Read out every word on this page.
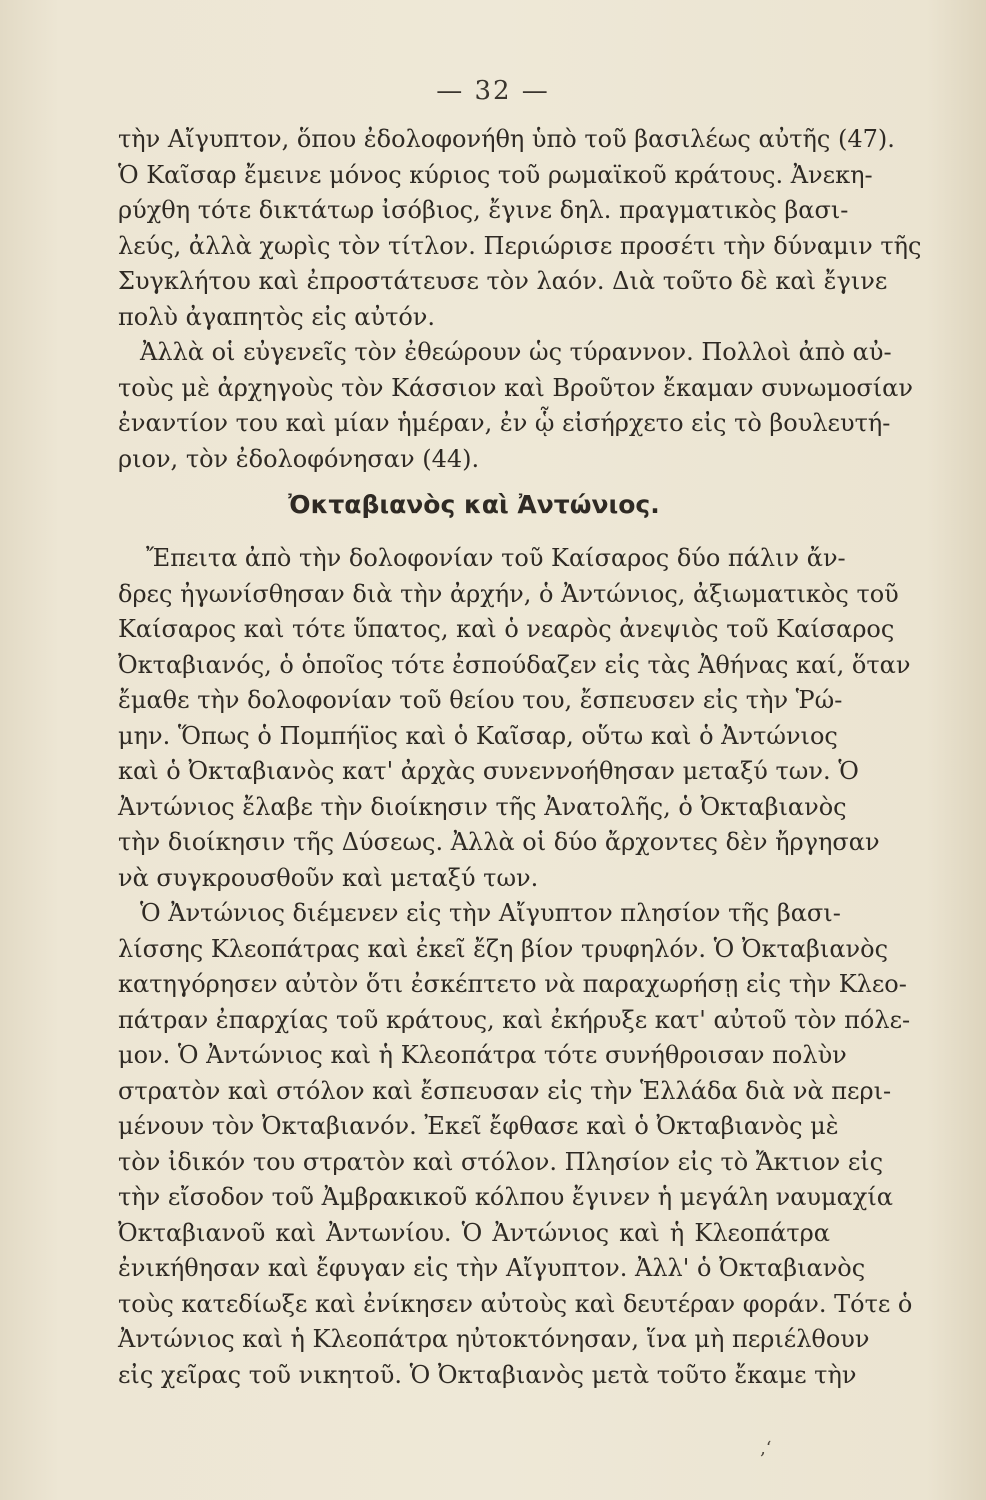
— 32 —
τὴν Αἴγυπτον, ὅπου ἐδολοφονήθη ὑπὸ τοῦ βασιλέως αὐτῆς (47).
Ὁ Καῖσαρ ἔμεινε μόνος κύριος τοῦ ρωμαϊκοῦ κράτους. Ἀνεκη-
ρύχθη τότε δικτάτωρ ἰσόβιος, ἔγινε δηλ. πραγματικὸς βασι-
λεύς, ἀλλὰ χωρὶς τὸν τίτλον. Περιώρισε προσέτι τὴν δύναμιν τῆς
Συγκλήτου καὶ ἐπροστάτευσε τὸν λαόν. Διὰ τοῦτο δὲ καὶ ἔγινε
πολὺ ἀγαπητὸς εἰς αὐτόν.
Ἀλλὰ οἱ εὐγενεῖς τὸν ἐθεώρουν ὡς τύραννον. Πολλοὶ ἀπὸ αὐ-
τοὺς μὲ ἀρχηγοὺς τὸν Κάσσιον καὶ Βροῦτον ἔκαμαν συνωμοσίαν
ἐναντίον του καὶ μίαν ἡμέραν, ἐν ᾧ εἰσήρχετο εἰς τὸ βουλευτή-
ριον, τὸν ἐδολοφόνησαν (44).
Ὀκταβιανὸς καὶ Ἀντώνιος.
Ἔπειτα ἀπὸ τὴν δολοφονίαν τοῦ Καίσαρος δύο πάλιν ἄν-
δρες ἠγωνίσθησαν διὰ τὴν ἀρχήν, ὁ Ἀντώνιος, ἀξιωματικὸς τοῦ
Καίσαρος καὶ τότε ὕπατος, καὶ ὁ νεαρὸς ἀνεψιὸς τοῦ Καίσαρος
Ὀκταβιανός, ὁ ὁποῖος τότε ἐσπούδαζεν εἰς τὰς Ἀθήνας καί, ὅταν
ἔμαθε τὴν δολοφονίαν τοῦ θείου του, ἔσπευσεν εἰς τὴν Ῥώ-
μην. Ὅπως ὁ Πομπήϊος καὶ ὁ Καῖσαρ, οὕτω καὶ ὁ Ἀντώνιος
καὶ ὁ Ὀκταβιανὸς κατ' ἀρχὰς συνεννοήθησαν μεταξύ των. Ὁ
Ἀντώνιος ἔλαβε τὴν διοίκησιν τῆς Ἀνατολῆς, ὁ Ὀκταβιανὸς
τὴν διοίκησιν τῆς Δύσεως. Ἀλλὰ οἱ δύο ἄρχοντες δὲν ἤργησαν
νὰ συγκρουσθοῦν καὶ μεταξύ των.
Ὁ Ἀντώνιος διέμενεν εἰς τὴν Αἴγυπτον πλησίον τῆς βασι-
λίσσης Κλεοπάτρας καὶ ἐκεῖ ἔζη βίον τρυφηλόν. Ὁ Ὀκταβιανὸς
κατηγόρησεν αὐτὸν ὅτι ἐσκέπτετο νὰ παραχωρήσῃ εἰς τὴν Κλεο-
πάτραν ἐπαρχίας τοῦ κράτους, καὶ ἐκήρυξε κατ' αὐτοῦ τὸν πόλε-
μον. Ὁ Ἀντώνιος καὶ ἡ Κλεοπάτρα τότε συνήθροισαν πολὺν
στρατὸν καὶ στόλον καὶ ἔσπευσαν εἰς τὴν Ἑλλάδα διὰ νὰ περι-
μένουν τὸν Ὀκταβιανόν. Ἐκεῖ ἔφθασε καὶ ὁ Ὀκταβιανὸς μὲ
τὸν ἰδικόν του στρατὸν καὶ στόλον. Πλησίον εἰς τὸ Ἄκτιον εἰς
τὴν εἴσοδον τοῦ Ἀμβρακικοῦ κόλπου ἔγινεν ἡ μεγάλη ναυμαχία
Ὀκταβιανοῦ καὶ Ἀντωνίου. Ὁ Ἀντώνιος καὶ ἡ Κλεοπάτρα
ἐνικήθησαν καὶ ἔφυγαν εἰς τὴν Αἴγυπτον. Ἀλλ' ὁ Ὀκταβιανὸς
τοὺς κατεδίωξε καὶ ἐνίκησεν αὐτοὺς καὶ δευτέραν φοράν. Τότε ὁ
Ἀντώνιος καὶ ἡ Κλεοπάτρα ηὐτοκτόνησαν, ἵνα μὴ περιέλθουν
εἰς χεῖρας τοῦ νικητοῦ. Ὁ Ὀκταβιανὸς μετὰ τοῦτο ἔκαμε τὴν
‚‘
